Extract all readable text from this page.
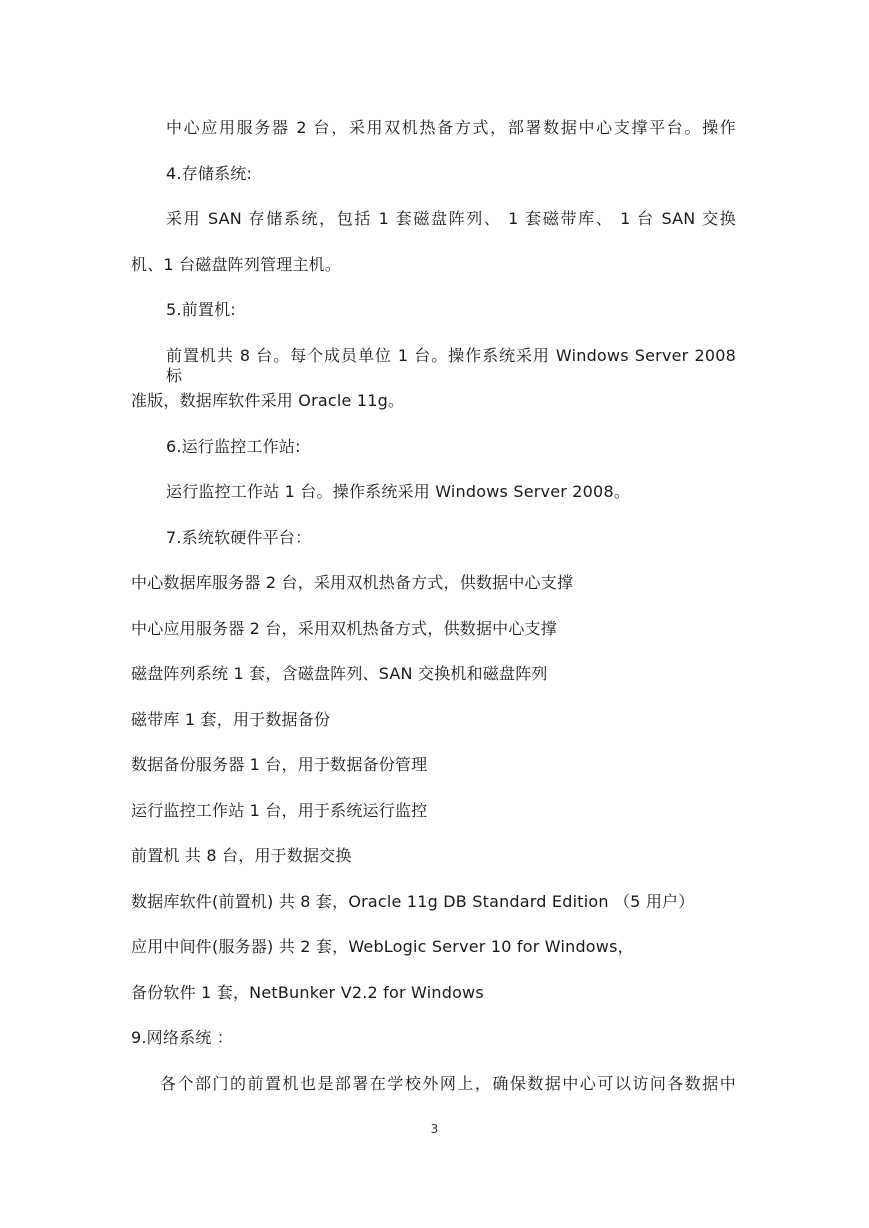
中心应用服务器 2 台，采用双机热备方式，部署数据中心支撑平台。操作
4.存储系统:
采用 SAN 存储系统，包括 1 套磁盘阵列、 1 套磁带库、 1 台 SAN 交换
机、1 台磁盘阵列管理主机。
5.前置机:
前置机共 8 台。每个成员单位 1 台。操作系统采用 Windows Server 2008 标
准版，数据库软件采用 Oracle 11g。
6.运行监控工作站:
运行监控工作站 1 台。操作系统采用 Windows Server 2008。
7.系统软硬件平台：
中心数据库服务器 2 台，采用双机热备方式，供数据中心支撑
中心应用服务器 2 台，采用双机热备方式，供数据中心支撑
磁盘阵列系统 1 套，含磁盘阵列、SAN 交换机和磁盘阵列
磁带库 1 套，用于数据备份
数据备份服务器 1 台，用于数据备份管理
运行监控工作站 1 台，用于系统运行监控
前置机 共 8 台，用于数据交换
数据库软件(前置机) 共 8 套，Oracle 11g DB Standard Edition （5 用户）
应用中间件(服务器) 共 2 套，WebLogic Server 10 for Windows，
备份软件 1 套，NetBunker V2.2 for Windows
9.网络系统 ：
各个部门的前置机也是部署在学校外网上，确保数据中心可以访问各数据中
3
